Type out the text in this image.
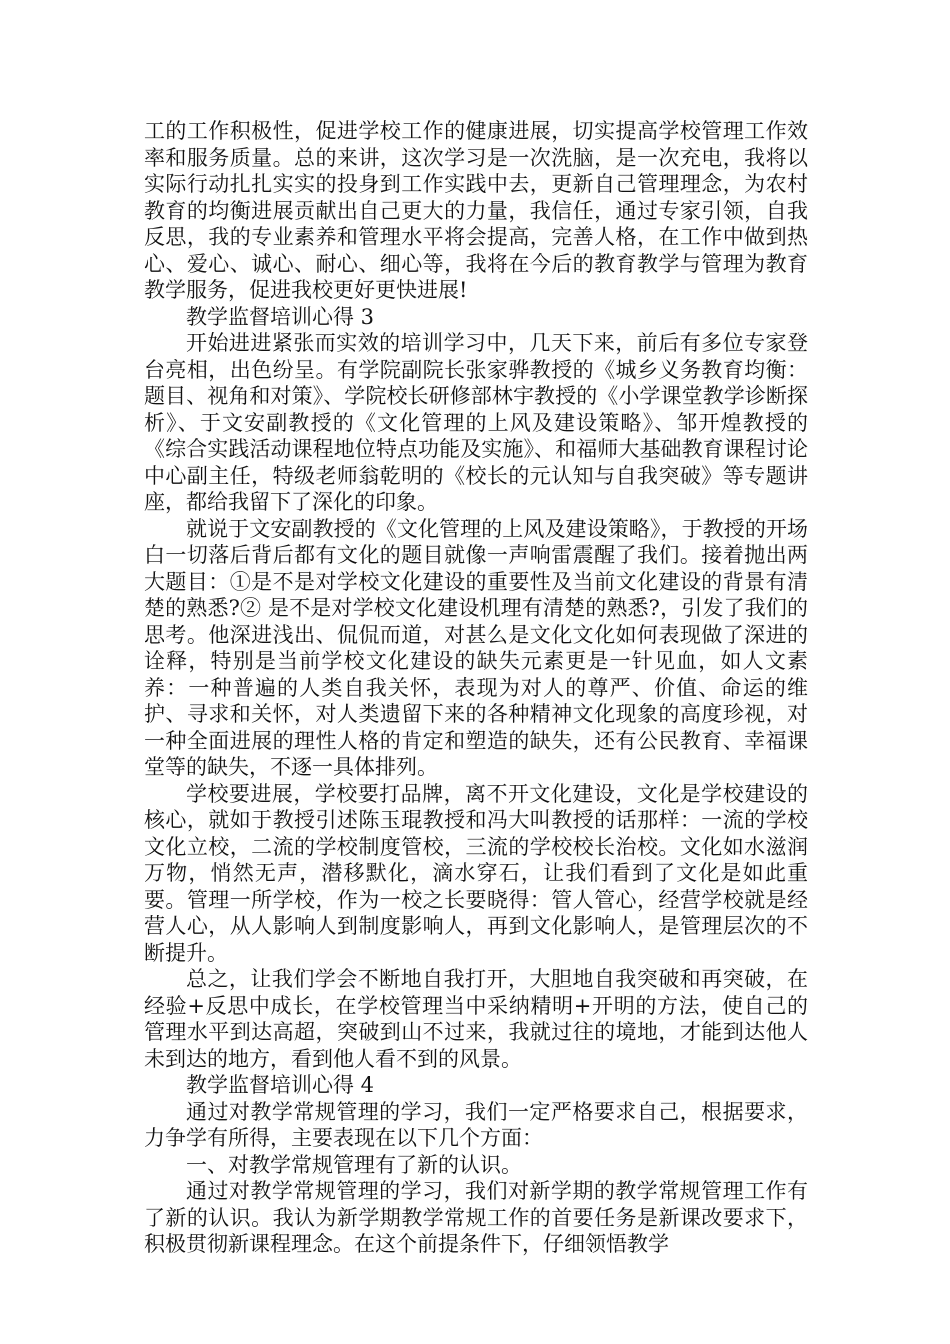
工的工作积极性，促进学校工作的健康进展，切实提高学校管理工作效率和服务质量。总的来讲，这次学习是一次洗脑，是一次充电，我将以实际行动扎扎实实的投身到工作实践中去，更新自己管理理念，为农村教育的均衡进展贡献出自己更大的力量，我信任，通过专家引领，自我反思，我的专业素养和管理水平将会提高，完善人格，在工作中做到热心、爱心、诚心、耐心、细心等，我将在今后的教育教学与管理为教育教学服务，促进我校更好更快进展!

教学监督培训心得 3

开始进进紧张而实效的培训学习中，几天下来，前后有多位专家登台亮相，出色纷呈。有学院副院长张家骅教授的《城乡义务教育均衡：题目、视角和对策》、学院校长研修部林宇教授的《小学课堂教学诊断探析》、于文安副教授的《文化管理的上风及建设策略》、邹开煌教授的《综合实践活动课程地位特点功能及实施》、和福师大基础教育课程讨论中心副主任，特级老师翁乾明的《校长的元认知与自我突破》等专题讲座，都给我留下了深化的印象。

就说于文安副教授的《文化管理的上风及建设策略》，于教授的开场白一切落后背后都有文化的题目就像一声响雷震醒了我们。接着抛出两大题目：①是不是对学校文化建设的重要性及当前文化建设的背景有清楚的熟悉?② 是不是对学校文化建设机理有清楚的熟悉?，引发了我们的思考。他深进浅出、侃侃而道，对甚么是文化文化如何表现做了深进的诠释，特别是当前学校文化建设的缺失元素更是一针见血，如人文素养：一种普遍的人类自我关怀，表现为对人的尊严、价值、命运的维护、寻求和关怀，对人类遗留下来的各种精神文化现象的高度珍视，对一种全面进展的理性人格的肯定和塑造的缺失，还有公民教育、幸福课堂等的缺失，不逐一具体排列。

学校要进展，学校要打品牌，离不开文化建设，文化是学校建设的核心，就如于教授引述陈玉琨教授和冯大叫教授的话那样：一流的学校文化立校，二流的学校制度管校，三流的学校校长治校。文化如水滋润万物，悄然无声，潜移默化，滴水穿石，让我们看到了文化是如此重要。管理一所学校，作为一校之长要晓得：管人管心，经营学校就是经营人心，从人影响人到制度影响人，再到文化影响人，是管理层次的不断提升。

总之，让我们学会不断地自我打开，大胆地自我突破和再突破，在经验+反思中成长，在学校管理当中采纳精明+开明的方法，使自己的管理水平到达高超，突破到山不过来，我就过往的境地，才能到达他人未到达的地方，看到他人看不到的风景。

教学监督培训心得 4

通过对教学常规管理的学习，我们一定严格要求自己，根据要求，力争学有所得，主要表现在以下几个方面：

一、对教学常规管理有了新的认识。

通过对教学常规管理的学习，我们对新学期的教学常规管理工作有了新的认识。我认为新学期教学常规工作的首要任务是新课改要求下，积极贯彻新课程理念。在这个前提条件下，仔细领悟教学
